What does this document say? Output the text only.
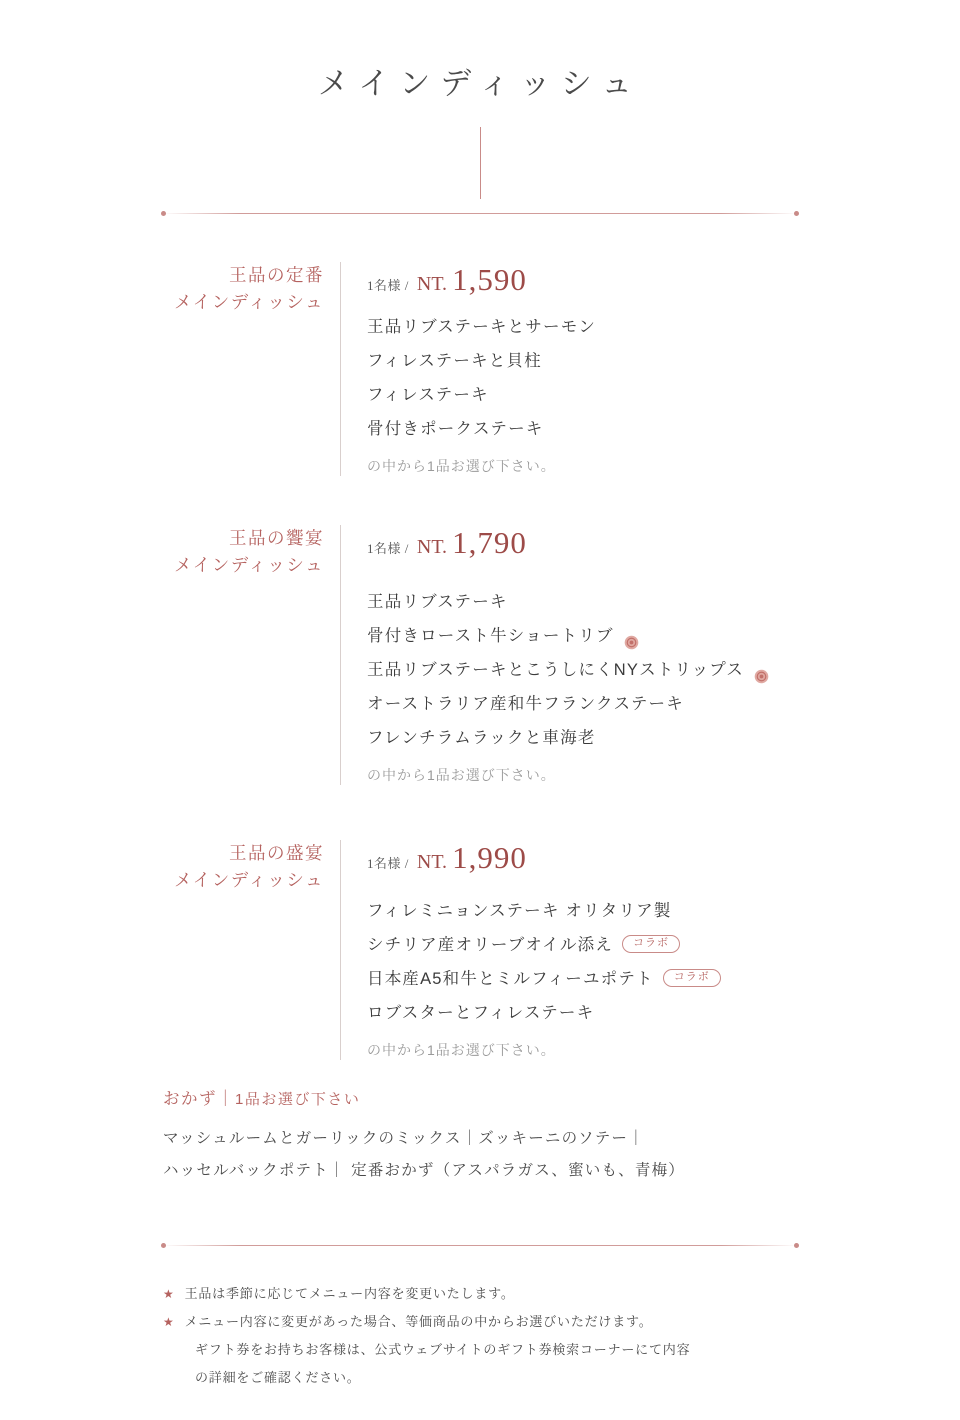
メインディッシュ
王品の定番
メインディッシュ
1名様 / NT. 1,590
王品リブステーキとサーモン
フィレステーキと貝柱
フィレステーキ
骨付きポークステーキ
の中から1品お選び下さい。
王品の饗宴
メインディッシュ
1名様 / NT. 1,790
王品リブステーキ
骨付きロースト牛ショートリブ
王品リブステーキとこうしにくNYストリップス
オーストラリア産和牛フランクステーキ
フレンチラムラックと車海老
の中から1品お選び下さい。
王品の盛宴
メインディッシュ
1名様 / NT. 1,990
フィレミニョンステーキ オリタリア製
シチリア産オリーブオイル添え	コラボ
日本産A5和牛とミルフィーユポテト	コラボ
ロブスターとフィレステーキ
の中から1品お選び下さい。
おかず｜1品お選び下さい
マッシュルームとガーリックのミックス｜ズッキーニのソテー｜
ハッセルバックポテト｜ 定番おかず（アスパラガス、蜜いも、青梅）
★ 王品は季節に応じてメニュー内容を変更いたします。
★ メニュー内容に変更があった場合、等価商品の中からお選びいただけます。
ギフト券をお持ちお客様は、公式ウェブサイトのギフト券検索コーナーにて内容
の詳細をご確認ください。
